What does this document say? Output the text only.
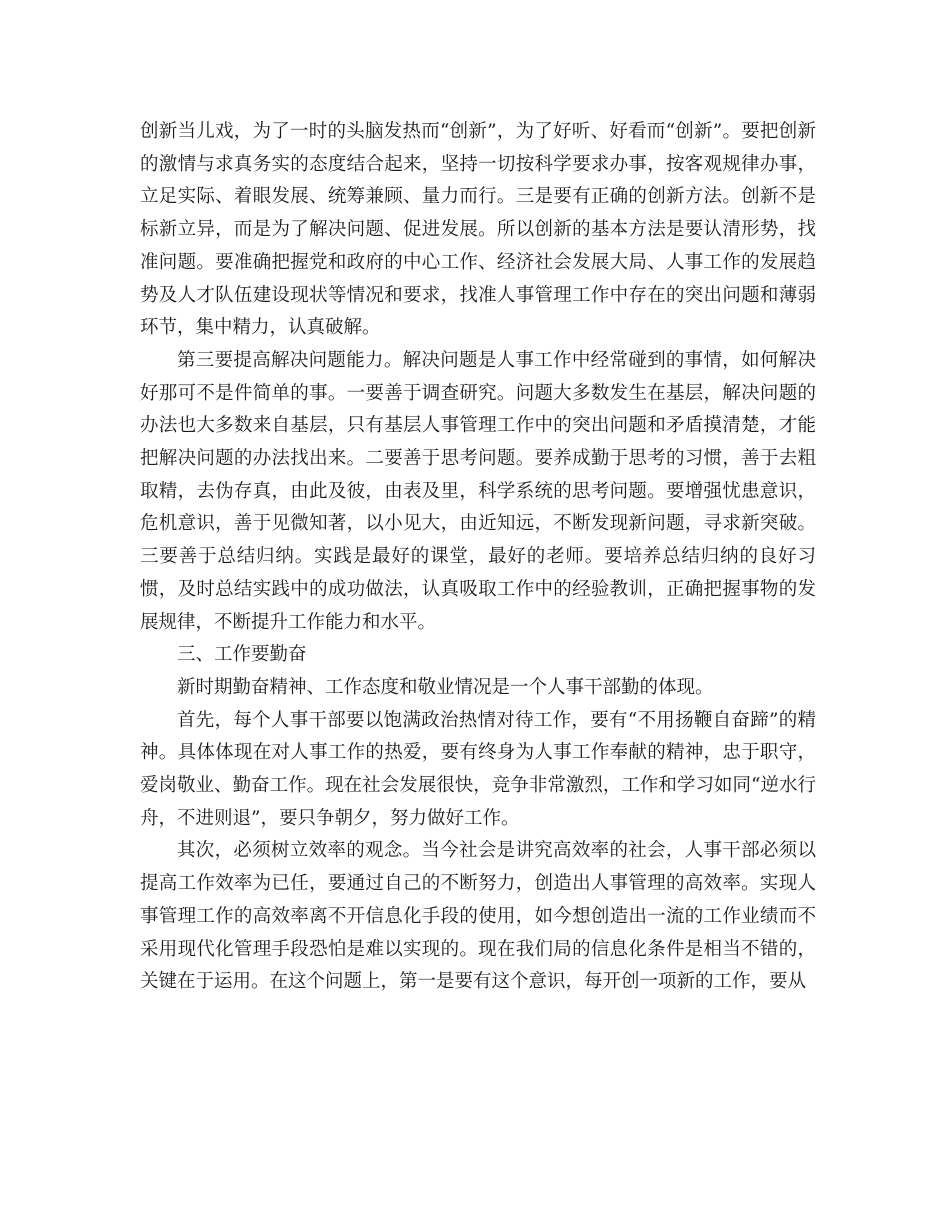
创新当儿戏，为了一时的头脑发热而“创新”，为了好听、好看而“创新”。要把创新的激情与求真务实的态度结合起来，坚持一切按科学要求办事，按客观规律办事，立足实际、着眼发展、统筹兼顾、量力而行。三是要有正确的创新方法。创新不是标新立异，而是为了解决问题、促进发展。所以创新的基本方法是要认清形势，找准问题。要准确把握党和政府的中心工作、经济社会发展大局、人事工作的发展趋势及人才队伍建设现状等情况和要求，找准人事管理工作中存在的突出问题和薄弱环节，集中精力，认真破解。

第三要提高解决问题能力。解决问题是人事工作中经常碰到的事情，如何解决好那可不是件简单的事。一要善于调查研究。问题大多数发生在基层，解决问题的办法也大多数来自基层，只有基层人事管理工作中的突出问题和矛盾摸清楚，才能把解决问题的办法找出来。二要善于思考问题。要养成勤于思考的习惯，善于去粗取精，去伪存真，由此及彼，由表及里，科学系统的思考问题。要增强忧患意识，危机意识，善于见微知著，以小见大，由近知远，不断发现新问题，寻求新突破。三要善于总结归纳。实践是最好的课堂，最好的老师。要培养总结归纳的良好习惯，及时总结实践中的成功做法，认真吸取工作中的经验教训，正确把握事物的发展规律，不断提升工作能力和水平。

三、工作要勤奋

新时期勤奋精神、工作态度和敬业情况是一个人事干部勤的体现。

首先，每个人事干部要以饱满政治热情对待工作，要有“不用扬鞭自奋蹄”的精神。具体体现在对人事工作的热爱，要有终身为人事工作奉献的精神，忠于职守，爱岗敬业、勤奋工作。现在社会发展很快，竞争非常激烈，工作和学习如同“逆水行舟，不进则退”，要只争朝夕，努力做好工作。

其次，必须树立效率的观念。当今社会是讲究高效率的社会，人事干部必须以提高工作效率为已任，要通过自己的不断努力，创造出人事管理的高效率。实现人事管理工作的高效率离不开信息化手段的使用，如今想创造出一流的工作业绩而不采用现代化管理手段恐怕是难以实现的。现在我们局的信息化条件是相当不错的，关键在于运用。在这个问题上，第一是要有这个意识，每开创一项新的工作，要从
